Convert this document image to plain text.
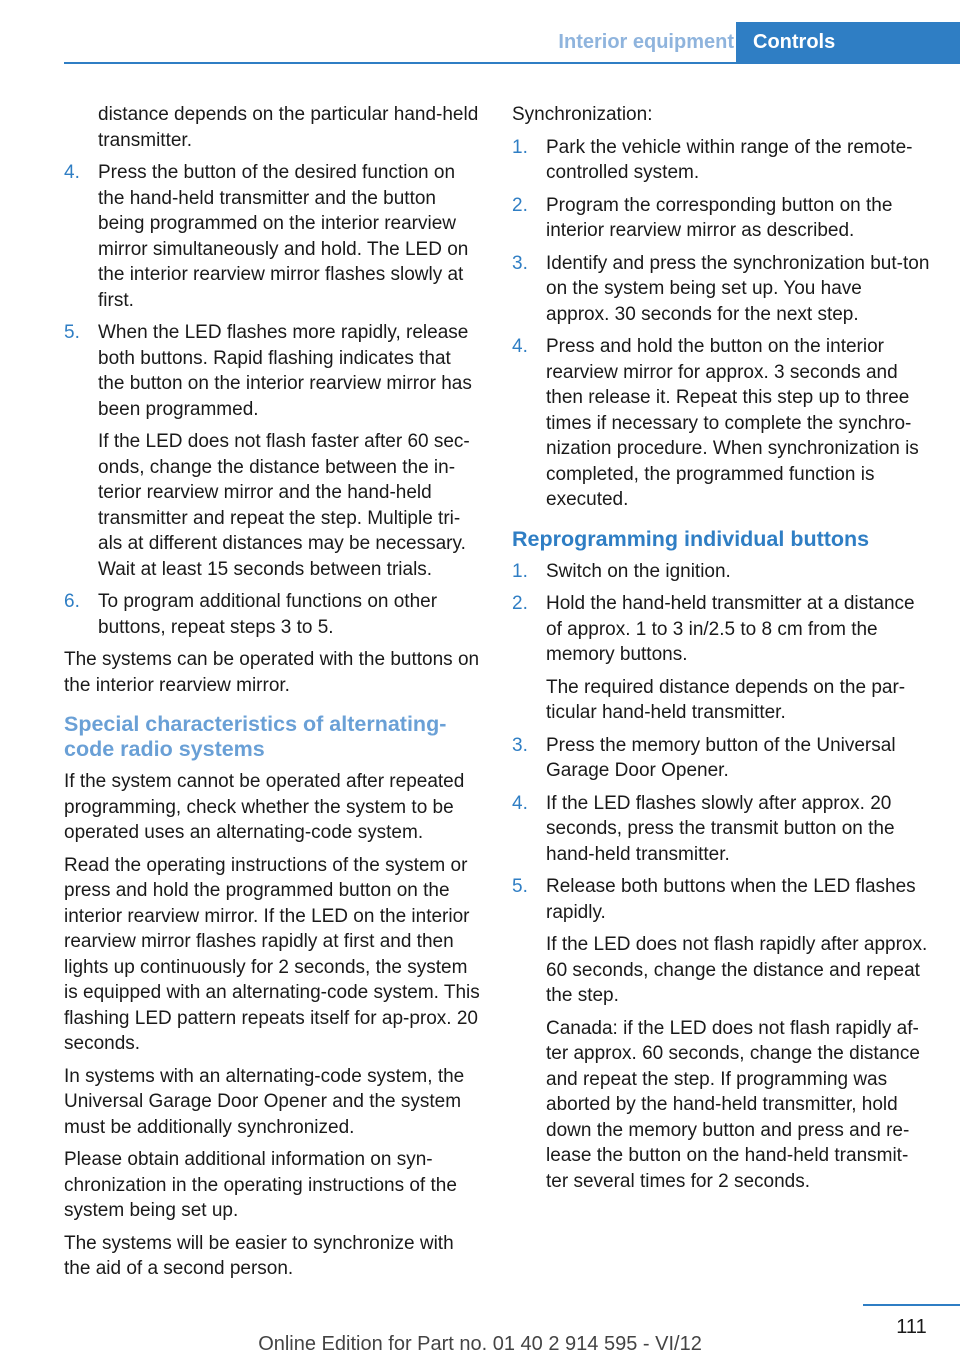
Interior equipment Controls

distance depends on the particular hand‐held transmitter.

4. Press the button of the desired function on the hand-held transmitter and the button being programmed on the interior rearview mirror simultaneously and hold. The LED on the interior rearview mirror flashes slowly at first.

5. When the LED flashes more rapidly, release both buttons. Rapid flashing indicates that the button on the interior rearview mirror has been programmed.

If the LED does not flash faster after 60 sec‐onds, change the distance between the in‐terior rearview mirror and the hand-held transmitter and repeat the step. Multiple tri‐als at different distances may be necessary. Wait at least 15 seconds between trials.

6. To program additional functions on other buttons, repeat steps 3 to 5.

The systems can be operated with the buttons on the interior rearview mirror.

Special characteristics of alternating-code radio systems

If the system cannot be operated after repeated programming, check whether the system to be operated uses an alternating-code system.

Read the operating instructions of the system or press and hold the programmed button on the interior rearview mirror. If the LED on the interior rearview mirror flashes rapidly at first and then lights up continuously for 2 seconds, the system is equipped with an alternating-code system. This flashing LED pattern repeats itself for ap‐prox. 20 seconds.

In systems with an alternating-code system, the Universal Garage Door Opener and the system must be additionally synchronized.

Please obtain additional information on syn‐chronization in the operating instructions of the system being set up.

The systems will be easier to synchronize with the aid of a second person.

Synchronization:

1. Park the vehicle within range of the remote-controlled system.

2. Program the corresponding button on the interior rearview mirror as described.

3. Identify and press the synchronization but‐ton on the system being set up. You have approx. 30 seconds for the next step.

4. Press and hold the button on the interior rearview mirror for approx. 3 seconds and then release it. Repeat this step up to three times if necessary to complete the synchro‐nization procedure. When synchronization is completed, the programmed function is executed.

Reprogramming individual buttons
1. Switch on the ignition.

2. Hold the hand-held transmitter at a distance of approx. 1 to 3 in/2.5 to 8 cm from the memory buttons.

The required distance depends on the par‐ticular hand-held transmitter.

3. Press the memory button of the Universal Garage Door Opener.

4. If the LED flashes slowly after approx. 20 seconds, press the transmit button on the hand-held transmitter.

5. Release both buttons when the LED flashes rapidly.

If the LED does not flash rapidly after approx. 60 seconds, change the distance and repeat the step.

Canada: if the LED does not flash rapidly af‐ter approx. 60 seconds, change the distance and repeat the step. If programming was aborted by the hand-held transmitter, hold down the memory button and press and re‐lease the button on the hand-held transmit‐ter several times for 2 seconds.

111
Online Edition for Part no. 01 40 2 914 595 - VI/12
